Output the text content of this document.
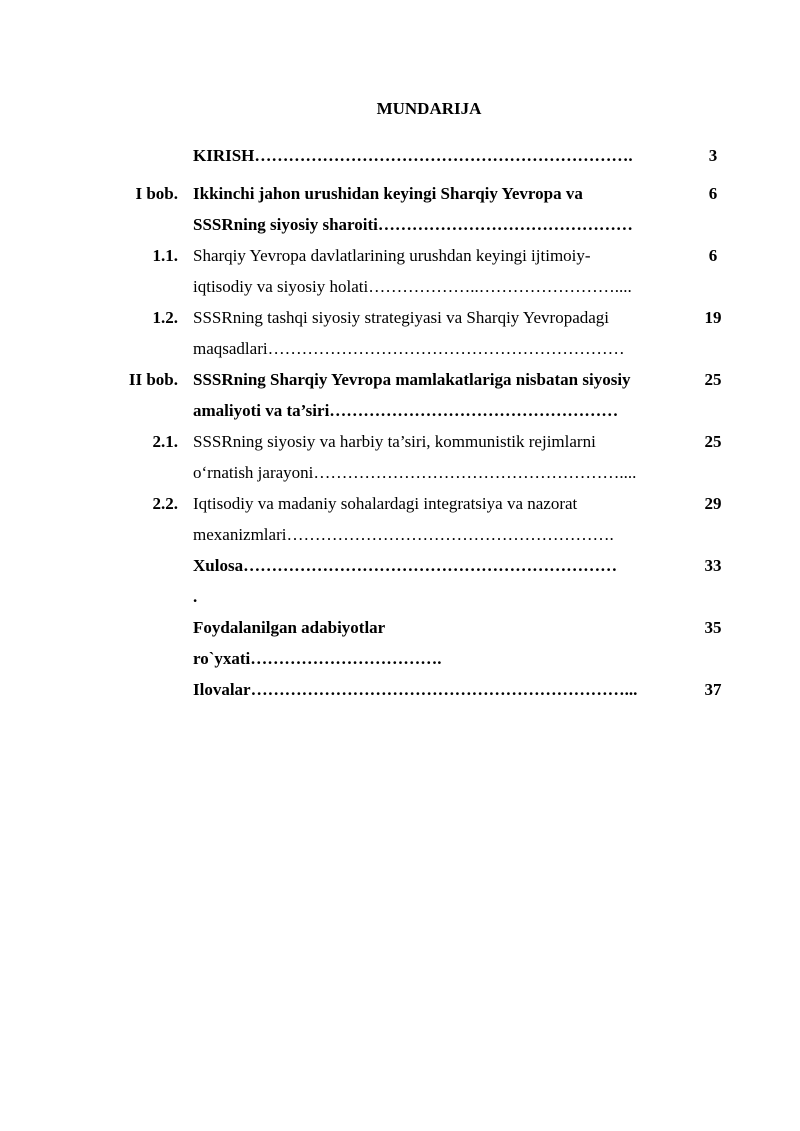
MUNDARIJA
KIRISH………………………………………………………….	3
I bob. Ikkinchi jahon urushidan keyingi Sharqiy Yevropa va
SSSRning siyosiy sharoiti………………………………………
6
1.1. Sharqiy Yevropa davlatlarining urushdan keyingi ijtimoiy-
iqtisodiy va siyosiy holati………………..……………………....
6
1.2. SSSRning tashqi siyosiy strategiyasi va Sharqiy Yevropadagi
maqsadlari………………………………………………………
19
II bob. SSSRning Sharqiy Yevropa mamlakatlariga nisbatan siyosiy
amaliyoti va ta’siri……………………………………………
25
2.1. SSSRning siyosiy va harbiy ta’siri, kommunistik rejimlarni
o‘rnatish jarayoni………………………………………………....
25
2.2. Iqtisodiy va madaniy sohalardagi integratsiya va nazorat
mexanizmlari………………………………………………….
29
Xulosa…………………………………………………………
.
33
Foydalanilgan adabiyotlar
ro`yxati…………………………….
35
Ilovalar…………………………………………………………...	37
